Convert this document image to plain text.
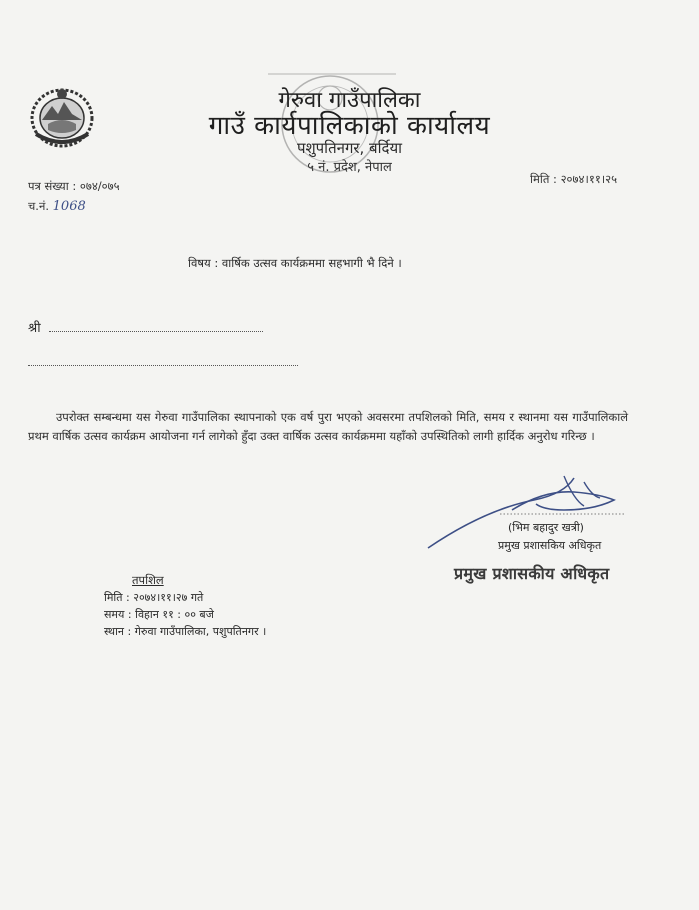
गेरुवा गाउँपालिका
गाउँ कार्यपालिकाको कार्यालय
पशुपतिनगर, बर्दिया
५ नं. प्रदेश, नेपाल
पत्र संख्या : ०७४/०७५	मिति : २०७४।११।२५
च.नं. 1068
विषय : वार्षिक उत्सव कार्यक्रममा सहभागी भै दिने ।
श्री
उपरोक्त सम्बन्धमा यस गेरुवा गाउँपालिका स्थापनाको एक वर्ष पुरा भएको अवसरमा तपशिलको मिति, समय र स्थानमा यस गाउँपालिकाले प्रथम वार्षिक उत्सव कार्यक्रम आयोजना गर्न लागेको हुँदा उक्त वार्षिक उत्सव कार्यक्रममा यहाँको उपस्थितिको लागी हार्दिक अनुरोध गरिन्छ ।
(भिम बहादुर खत्री)
प्रमुख प्रशासकिय अधिकृत
प्रमुख प्रशासकीय अधिकृत
तपशिल
मिति : २०७४।११।२७ गते
समय : विहान ११ : ०० बजे
स्थान : गेरुवा गाउँपालिका, पशुपतिनगर ।
